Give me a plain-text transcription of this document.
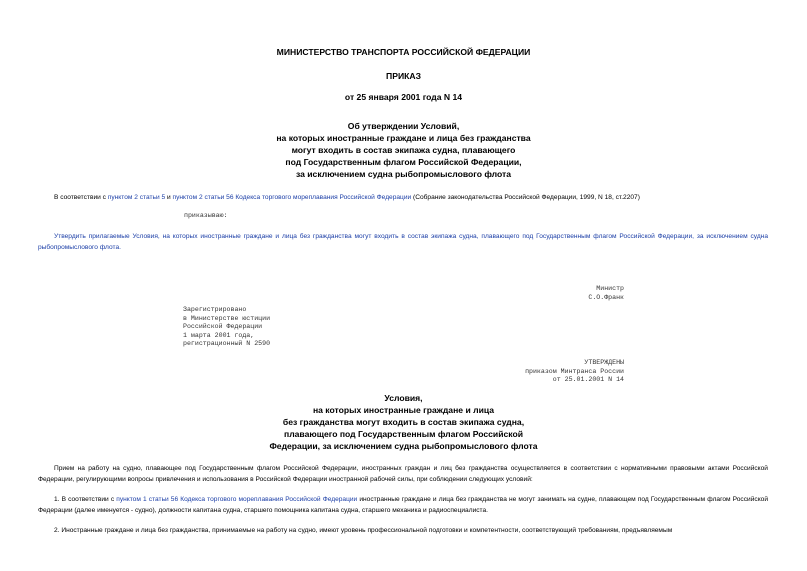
МИНИСТЕРСТВО ТРАНСПОРТА РОССИЙСКОЙ ФЕДЕРАЦИИ
ПРИКАЗ
от 25 января 2001 года N 14
Об утверждении Условий,
на которых иностранные граждане и лица без гражданства
могут входить в состав экипажа судна, плавающего
под Государственным флагом Российской Федерации,
за исключением судна рыбопромыслового флота
В соответствии с пунктом 2 статьи 5 и пунктом 2 статьи 56 Кодекса торгового мореплавания Российской Федерации (Собрание законодательства Российской Федерации, 1999, N 18, ст.2207)
приказываю:
Утвердить прилагаемые Условия, на которых иностранные граждане и лица без гражданства могут входить в состав экипажа судна, плавающего под Государственным флагом Российской Федерации, за исключением судна рыбопромыслового флота.
Министр
С.О.Франк
Зарегистрировано
в Министерстве юстиции
Российской Федерации
1 марта 2001 года,
регистрационный N 2590
УТВЕРЖДЕНЫ
приказом Минтранса России
от 25.01.2001 N 14
Условия,
на которых иностранные граждане и лица
без гражданства могут входить в состав экипажа судна,
плавающего под Государственным флагом Российской
Федерации, за исключением судна рыбопромыслового флота
Прием на работу на судно, плавающее под Государственным флагом Российской Федерации, иностранных граждан и лиц без гражданства осуществляется в соответствии с нормативными правовыми актами Российской Федерации, регулирующими вопросы привлечения и использования в Российской Федерации иностранной рабочей силы, при соблюдении следующих условий:
1. В соответствии с пунктом 1 статьи 56 Кодекса торгового мореплавания Российской Федерации иностранные граждане и лица без гражданства не могут занимать на судне, плавающем под Государственным флагом Российской Федерации (далее именуется - судно), должности капитана судна, старшего помощника капитана судна, старшего механика и радиоспециалиста.
2. Иностранные граждане и лица без гражданства, принимаемые на работу на судно, имеют уровень профессиональной подготовки и компетентности, соответствующий требованиям, предъявляемым
